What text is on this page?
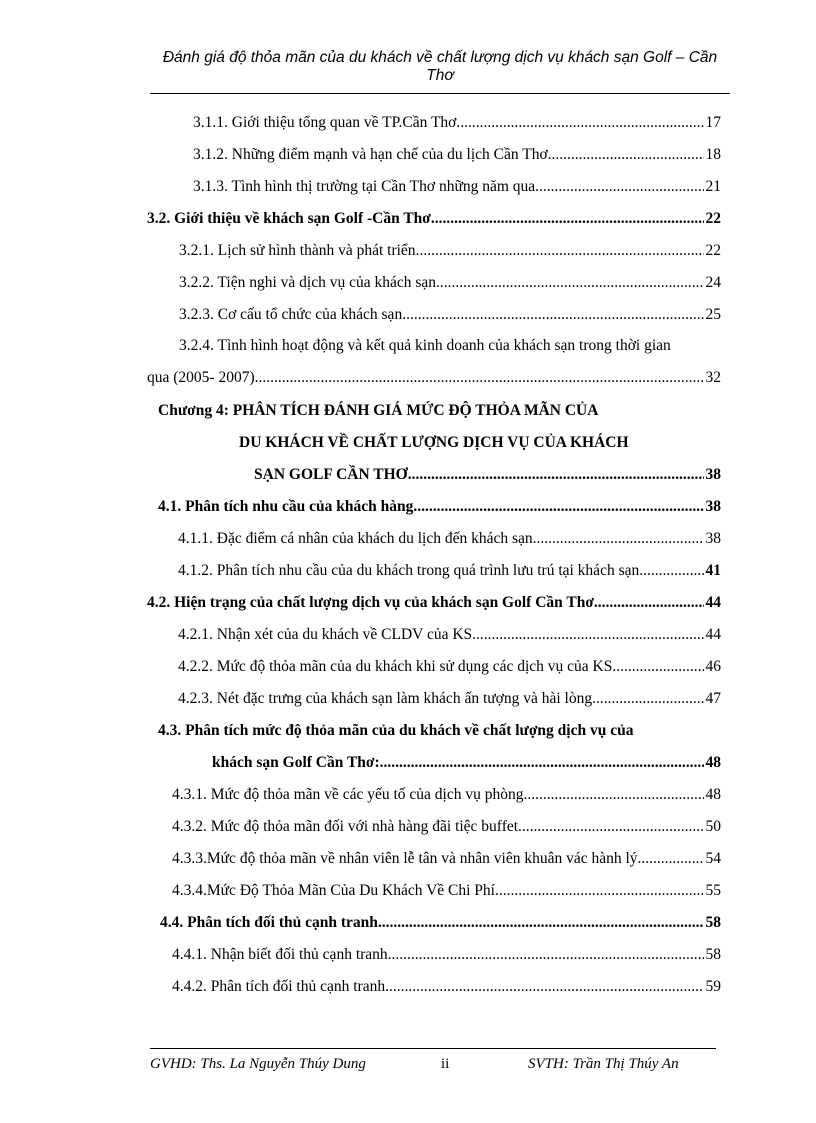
Đánh giá độ thỏa mãn của du khách về chất lượng dịch vụ khách sạn Golf – Cần Thơ
3.1.1. Giới thiệu tổng quan về TP.Cần Thơ .....	17
3.1.2. Những điểm mạnh và hạn chế của du lịch Cần Thơ .....	18
3.1.3. Tình hình thị trường tại Cần Thơ những năm qua .....	21
3.2. Giới thiệu về khách sạn Golf -Cần Thơ .....	22
3.2.1. Lịch sử hình thành và phát triển .....	22
3.2.2. Tiện nghi và dịch vụ của khách sạn .....	24
3.2.3. Cơ cấu tổ chức của khách sạn .....	25
3.2.4. Tình hình hoạt động và kết quả kinh doanh của khách sạn trong thời gian
qua (2005- 2007) .....	32
Chương 4: PHÂN TÍCH ĐÁNH GIÁ MỨC ĐỘ THỎA MÃN CỦA
DU KHÁCH VỀ CHẤT LƯỢNG DỊCH VỤ CỦA KHÁCH
SẠN GOLF CẦN THƠ .....	38
4.1. Phân tích nhu cầu của khách hàng .....	38
4.1.1. Đặc điểm cá nhân của khách du lịch đến khách sạn .....	38
4.1.2. Phân tích nhu cầu của du khách trong quá trình lưu trú tại khách sạn .....	41
4.2. Hiện trạng của chất lượng dịch vụ của khách sạn Golf Cần Thơ .....	44
4.2.1. Nhận xét của du khách về CLDV của KS .....	44
4.2.2. Mức độ thỏa mãn của du khách khi sử dụng các dịch vụ của KS .....	46
4.2.3. Nét đặc trưng của khách sạn làm khách ấn tượng và hài lòng .....	47
4.3. Phân tích mức độ thỏa mãn của du khách về chất lượng dịch vụ của
khách sạn Golf Cần Thơ: .....	48
4.3.1. Mức độ thỏa mãn về các yếu tố của dịch vụ phòng .....	48
4.3.2. Mức độ thỏa mãn đối với nhà hàng đãi tiệc buffet .....	50
4.3.3.Mức độ thỏa mãn về nhân viên lễ tân và nhân viên khuân vác hành lý .....	54
4.3.4.Mức Độ Thỏa Mãn Của Du Khách Về Chi Phí .....	55
4.4. Phân tích đối thủ cạnh tranh .....	58
4.4.1. Nhận biết đối thủ cạnh tranh .....	58
4.4.2. Phân tích đối thủ cạnh tranh .....	59
GVHD: Ths. La Nguyễn Thúy Dung	ii	SVTH: Trần Thị Thúy An
